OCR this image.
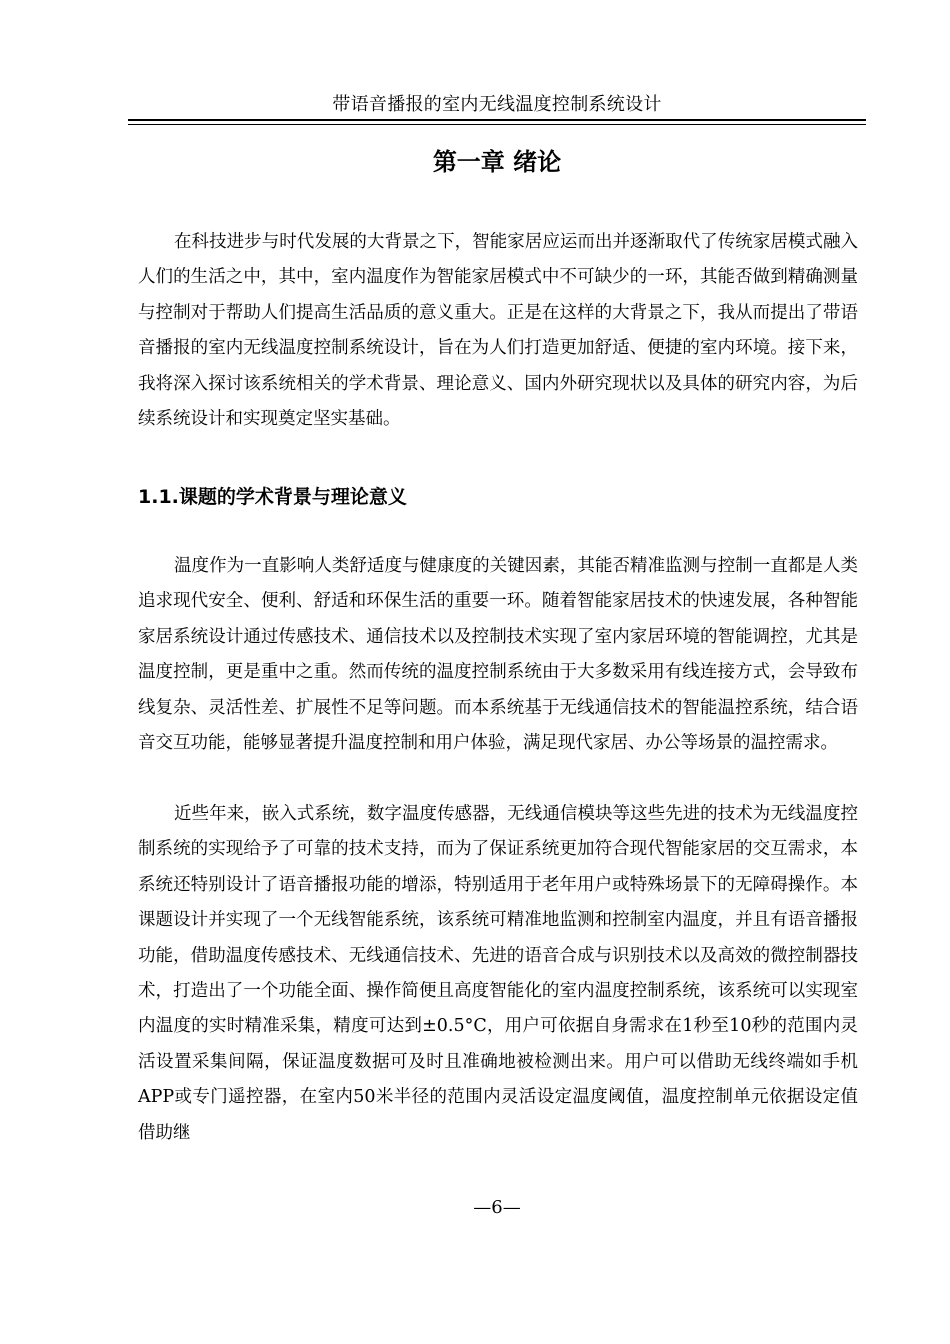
带语音播报的室内无线温度控制系统设计
第一章 绪论

在科技进步与时代发展的大背景之下，智能家居应运而出并逐渐取代了传统家居模式融入人们的生活之中，其中，室内温度作为智能家居模式中不可缺少的一环，其能否做到精确测量与控制对于帮助人们提高生活品质的意义重大。正是在这样的大背景之下，我从而提出了带语音播报的室内无线温度控制系统设计，旨在为人们打造更加舒适、便捷的室内环境。接下来，我将深入探讨该系统相关的学术背景、理论意义、国内外研究现状以及具体的研究内容，为后续系统设计和实现奠定坚实基础。

1.1.课题的学术背景与理论意义

温度作为一直影响人类舒适度与健康度的关键因素，其能否精准监测与控制一直都是人类追求现代安全、便利、舒适和环保生活的重要一环。随着智能家居技术的快速发展，各种智能家居系统设计通过传感技术、通信技术以及控制技术实现了室内家居环境的智能调控，尤其是温度控制，更是重中之重。然而传统的温度控制系统由于大多数采用有线连接方式，会导致布线复杂、灵活性差、扩展性不足等问题。而本系统基于无线通信技术的智能温控系统，结合语音交互功能，能够显著提升温度控制和用户体验，满足现代家居、办公等场景的温控需求。

近些年来，嵌入式系统，数字温度传感器，无线通信模块等这些先进的技术为无线温度控制系统的实现给予了可靠的技术支持，而为了保证系统更加符合现代智能家居的交互需求，本系统还特别设计了语音播报功能的增添，特别适用于老年用户或特殊场景下的无障碍操作。本课题设计并实现了一个无线智能系统，该系统可精准地监测和控制室内温度，并且有语音播报功能，借助温度传感技术、无线通信技术、先进的语音合成与识别技术以及高效的微控制器技术，打造出了一个功能全面、操作简便且高度智能化的室内温度控制系统，该系统可以实现室内温度的实时精准采集，精度可达到±0.5°C，用户可依据自身需求在1秒至10秒的范围内灵活设置采集间隔，保证温度数据可及时且准确地被检测出来。用户可以借助无线终端如手机APP或专门遥控器，在室内50米半径的范围内灵活设定温度阈值，温度控制单元依据设定值借助继

—6—
